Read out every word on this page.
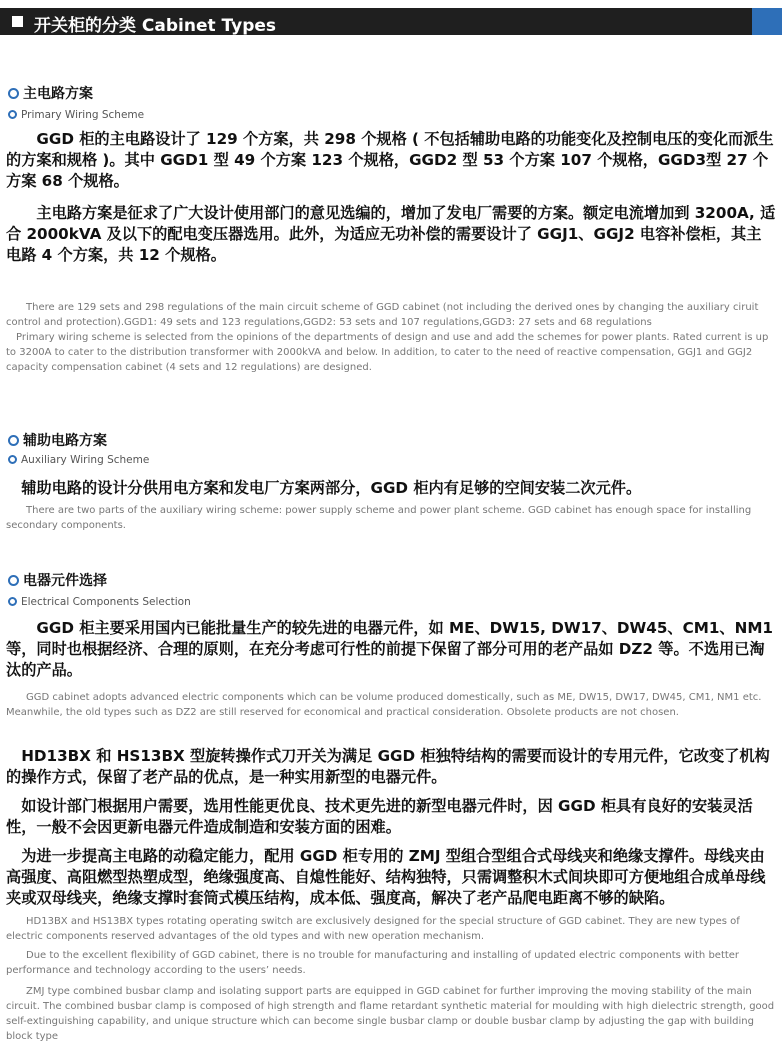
开关柜的分类 Cabinet Types
主电路方案
Primary Wiring Scheme
GGD 柜的主电路设计了 129 个方案，共 298 个规格 ( 不包括辅助电路的功能变化及控制电压的变化而派生的方案和规格 )。其中 GGD1 型 49 个方案 123 个规格，GGD2 型 53 个方案 107 个规格，GGD3型 27 个方案 68 个规格。
主电路方案是征求了广大设计使用部门的意见选编的，增加了发电厂需要的方案。额定电流增加到 3200A, 适合 2000kVA 及以下的配电变压器选用。此外，为适应无功补偿的需要设计了 GGJ1、GGJ2 电容补偿柜，其主电路 4 个方案，共 12 个规格。
There are 129 sets and 298 regulations of the main circuit scheme of GGD cabinet (not including the derived ones by changing the auxiliary ciruit control and protection).GGD1: 49 sets and 123 regulations,GGD2: 53 sets and 107 regulations,GGD3: 27 sets and 68 regulations
Primary wiring scheme is selected from the opinions of the departments of design and use and add the schemes for power plants. Rated current is up to 3200A to cater to the distribution transformer with 2000kVA and below. In addition, to cater to the need of reactive compensation, GGJ1 and GGJ2 capacity compensation cabinet (4 sets and 12 regulations) are designed.
辅助电路方案
Auxiliary Wiring Scheme
辅助电路的设计分供用电方案和发电厂方案两部分，GGD 柜内有足够的空间安装二次元件。
There are two parts of the auxiliary wiring scheme: power supply scheme and power plant scheme. GGD cabinet has enough space for installing secondary components.
电器元件选择
Electrical Components Selection
GGD 柜主要采用国内已能批量生产的较先进的电器元件，如 ME、DW15, DW17、DW45、CM1、NM1 等，同时也根据经济、合理的原则，在充分考虑可行性的前提下保留了部分可用的老产品如 DZ2 等。不选用已淘汰的产品。
GGD cabinet adopts advanced electric components which can be volume produced domestically, such as ME, DW15, DW17, DW45, CM1, NM1 etc. Meanwhile, the old types such as DZ2 are still reserved for economical and practical consideration. Obsolete products are not chosen.
HD13BX 和 HS13BX 型旋转操作式刀开关为满足 GGD 柜独特结构的需要而设计的专用元件，它改变了机构的操作方式，保留了老产品的优点，是一种实用新型的电器元件。
如设计部门根据用户需要，选用性能更优良、技术更先进的新型电器元件时，因 GGD 柜具有良好的安装灵活性，一般不会因更新电器元件造成制造和安装方面的困难。
为进一步提高主电路的动稳定能力，配用 GGD 柜专用的 ZMJ 型组合型组合式母线夹和绝缘支撑件。母线夹由高强度、高阻燃型热塑成型，绝缘强度高、自熄性能好、结构独特，只需调整积木式间块即可方便地组合成单母线夹或双母线夹，绝缘支撑时套筒式模压结构，成本低、强度高，解决了老产品爬电距离不够的缺陷。
HD13BX and HS13BX types rotating operating switch are exclusively designed for the special structure of GGD cabinet. They are new types of electric components reserved advantages of the old types and with new operation mechanism.
Due to the excellent flexibility of GGD cabinet, there is no trouble for manufacturing and installing of updated electric components with better performance and technology according to the users’ needs.
ZMJ type combined busbar clamp and isolating support parts are equipped in GGD cabinet for further improving the moving stability of the main circuit. The combined busbar clamp is composed of high strength and flame retardant synthetic material for moulding with high dielectric strength, good self-extinguishing capability, and unique structure which can become single busbar clamp or double busbar clamp by adjusting the gap with building block type
